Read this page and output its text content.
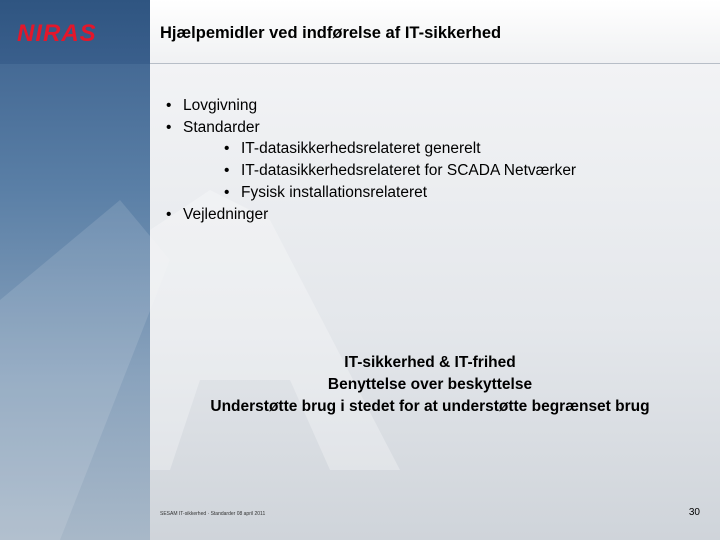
NIRAS	Hjælpemidler ved indførelse af IT-sikkerhed
• Lovgivning
• Standarder
• IT-datasikkerhedsrelateret generelt
• IT-datasikkerhedsrelateret for SCADA Netværker
• Fysisk installationsrelateret
• Vejledninger
IT-sikkerhed & IT-frihed
Benyttelse over beskyttelse
Understøtte brug i stedet for at understøtte begrænset brug
SESAM IT-sikkerhed · Standarder 08 april 2011	30
